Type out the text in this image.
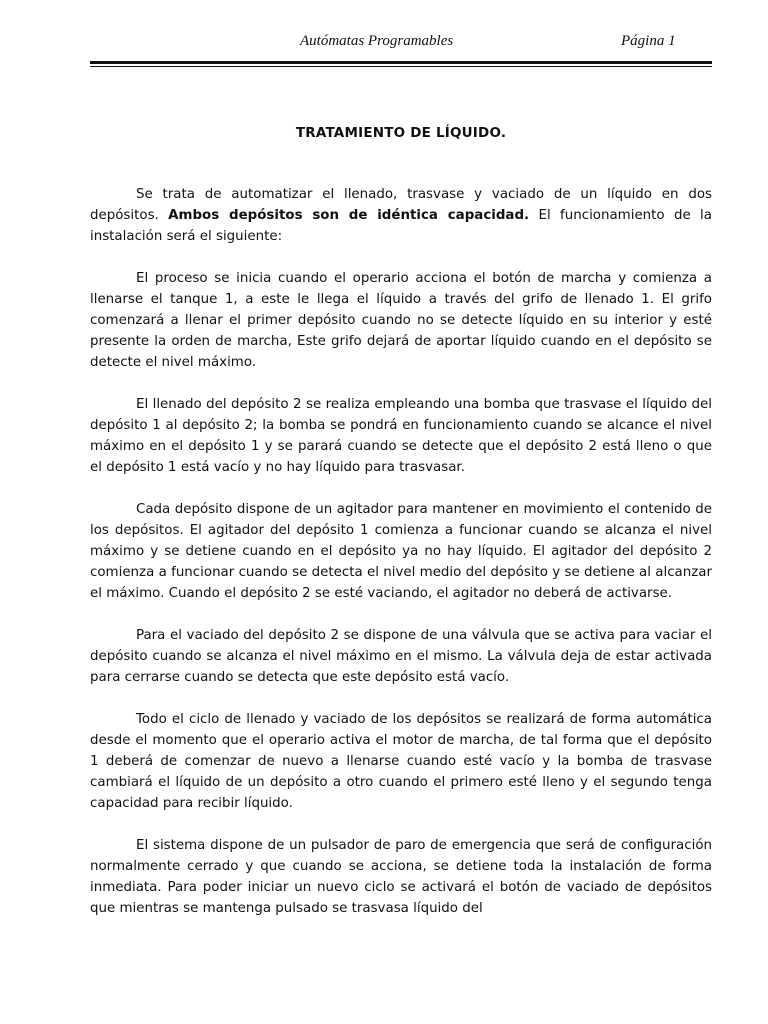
Autómatas Programables	Página 1
TRATAMIENTO DE LÍQUIDO.

Se trata de automatizar el llenado, trasvase y vaciado de un líquido en dos depósitos. Ambos depósitos son de idéntica capacidad. El funcionamiento de la instalación será el siguiente:

El proceso se inicia cuando el operario acciona el botón de marcha y comienza a llenarse el tanque 1, a este le llega el líquido a través del grifo de llenado 1. El grifo comenzará a llenar el primer depósito cuando no se detecte líquido en su interior y esté presente la orden de marcha, Este grifo dejará de aportar líquido cuando en el depósito se detecte el nivel máximo.

El llenado del depósito 2 se realiza empleando una bomba que trasvase el líquido del depósito 1 al depósito 2; la bomba se pondrá en funcionamiento cuando se alcance el nivel máximo en el depósito 1 y se parará cuando se detecte que el depósito 2 está lleno o que el depósito 1 está vacío y no hay líquido para trasvasar.

Cada depósito dispone de un agitador para mantener en movimiento el contenido de los depósitos. El agitador del depósito 1 comienza a funcionar cuando se alcanza el nivel máximo y se detiene cuando en el depósito ya no hay líquido. El agitador del depósito 2 comienza a funcionar cuando se detecta el nivel medio del depósito y se detiene al alcanzar el máximo. Cuando el depósito 2 se esté vaciando, el agitador no deberá de activarse.

Para el vaciado del depósito 2 se dispone de una válvula que se activa para vaciar el depósito cuando se alcanza el nivel máximo en el mismo. La válvula deja de estar activada para cerrarse cuando se detecta que este depósito está vacío.

Todo el ciclo de llenado y vaciado de los depósitos se realizará de forma automática desde el momento que el operario activa el motor de marcha, de tal forma que el depósito 1 deberá de comenzar de nuevo a llenarse cuando esté vacío y la bomba de trasvase cambiará el líquido de un depósito a otro cuando el primero esté lleno y el segundo tenga capacidad para recibir líquido.

El sistema dispone de un pulsador de paro de emergencia que será de configuración normalmente cerrado y que cuando se acciona, se detiene toda la instalación de forma inmediata. Para poder iniciar un nuevo ciclo se activará el botón de vaciado de depósitos que mientras se mantenga pulsado se trasvasa líquido del
